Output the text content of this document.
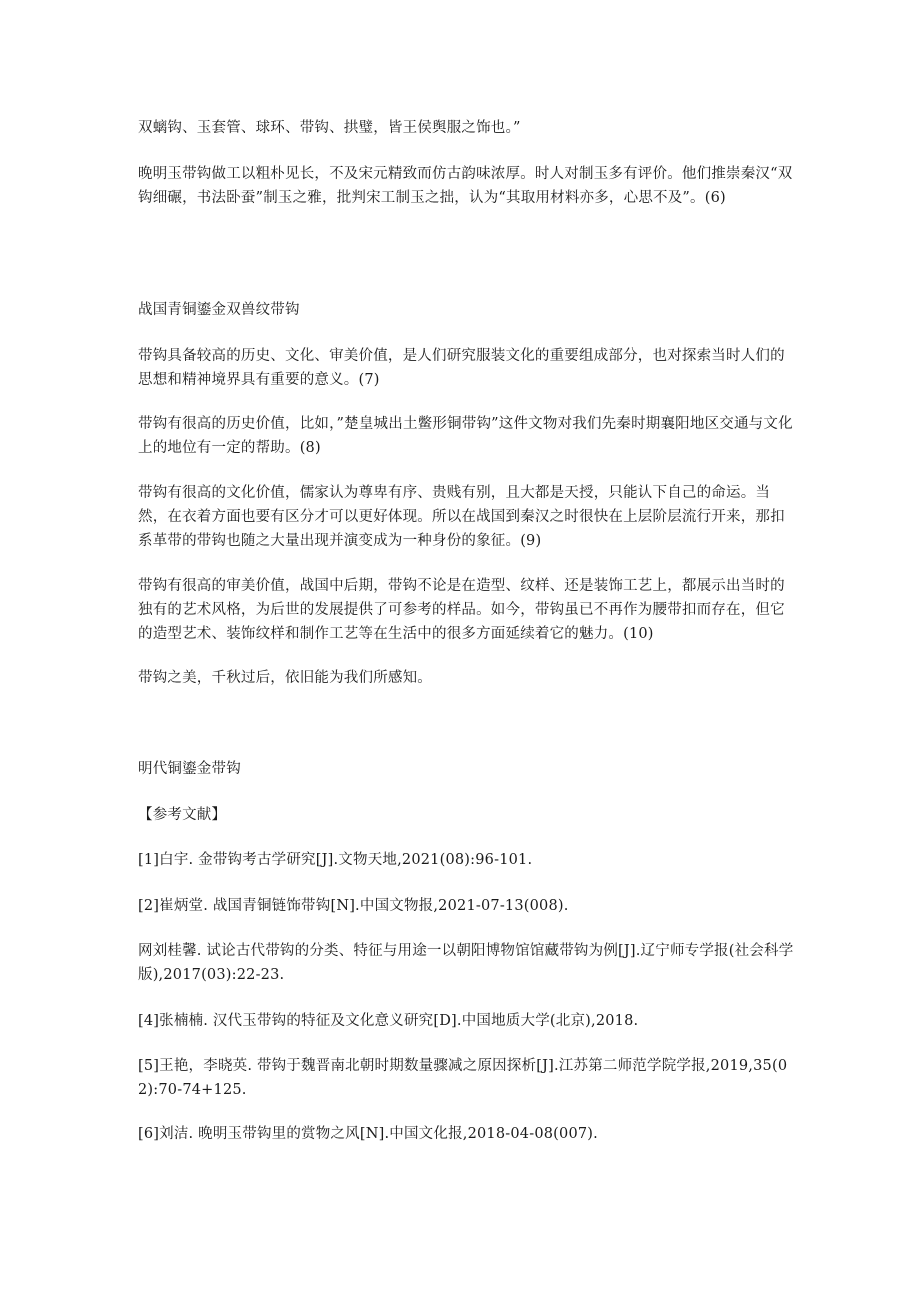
双螭钩、玉套管、球环、带钩、拱璧，皆王侯舆服之饰也。”

晚明玉带钩做工以粗朴见长，不及宋元精致而仿古韵味浓厚。时人对制玉多有评价。他们推崇秦汉“双钩细碾，书法卧蚕”制玉之雅，批判宋工制玉之拙，认为“其取用材料亦多，心思不及”。(6)

战国青铜鎏金双兽纹带钩

带钩具备较高的历史、文化、审美价值，是人们研究服装文化的重要组成部分，也对探索当时人们的思想和精神境界具有重要的意义。(7)

带钩有很高的历史价值，比如，”楚皇城出土鳖形铜带钩”这件文物对我们先秦时期襄阳地区交通与文化上的地位有一定的帮助。(8)

带钩有很高的文化价值，儒家认为尊卑有序、贵贱有别，且大都是天授，只能认下自己的命运。当然，在衣着方面也要有区分才可以更好体现。所以在战国到秦汉之时很快在上层阶层流行开来，那扣系革带的带钩也随之大量出现并演变成为一种身份的象征。(9)

带钩有很高的审美价值，战国中后期，带钩不论是在造型、纹样、还是装饰工艺上，都展示出当时的独有的艺术风格，为后世的发展提供了可参考的样品。如今，带钩虽已不再作为腰带扣而存在，但它的造型艺术、装饰纹样和制作工艺等在生活中的很多方面延续着它的魅力。(10)

带钩之美，千秋过后，依旧能为我们所感知。

明代铜鎏金带钩

【参考文献】

[1]白宇. 金带钩考古学研究[J].文物天地,2021(08):96-101.

[2]崔炳堂. 战国青铜链饰带钩[N].中国文物报,2021-07-13(008).

网刘桂馨. 试论古代带钩的分类、特征与用途一以朝阳博物馆馆藏带钩为例[J].辽宁师专学报(社会科学版),2017(03):22-23.

[4]张楠楠. 汉代玉带钩的特征及文化意义研究[D].中国地质大学(北京),2018.

[5]王艳，李晓英. 带钩于魏晋南北朝时期数量骤减之原因探析[J].江苏第二师范学院学报,2019,35(02):70-74+125.

[6]刘洁. 晚明玉带钩里的赏物之风[N].中国文化报,2018-04-08(007).
